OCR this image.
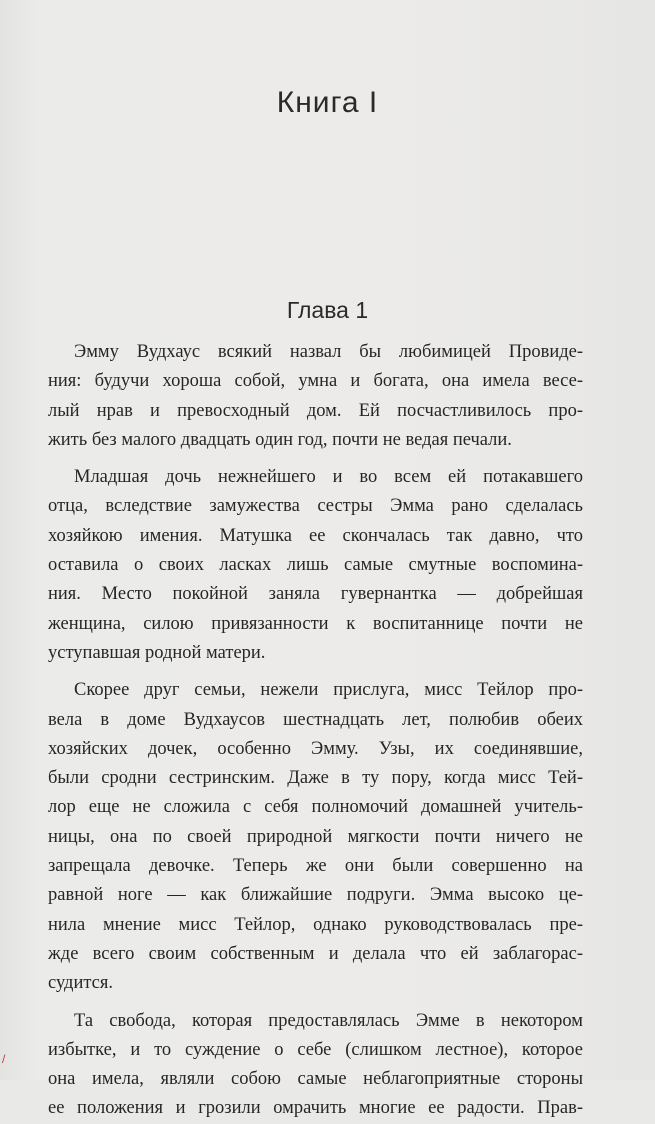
Книга I
Глава 1
Эмму Вудхаус всякий назвал бы любимицей Провиде-
ния: будучи хороша собой, умна и богата, она имела весе-
лый нрав и превосходный дом. Ей посчастливилось про-
жить без малого двадцать один год, почти не ведая печали.
Младшая дочь нежнейшего и во всем ей потакавшего
отца, вследствие замужества сестры Эмма рано сделалась
хозяйкою имения. Матушка ее скончалась так давно, что
оставила о своих ласках лишь самые смутные воспомина-
ния. Место покойной заняла гувернантка — добрейшая
женщина, силою привязанности к воспитаннице почти не
уступавшая родной матери.
Скорее друг семьи, нежели прислуга, мисс Тейлор про-
вела в доме Вудхаусов шестнадцать лет, полюбив обеих
хозяйских дочек, особенно Эмму. Узы, их соединявшие,
были сродни сестринским. Даже в ту пору, когда мисс Тей-
лор еще не сложила с себя полномочий домашней учитель-
ницы, она по своей природной мягкости почти ничего не
запрещала девочке. Теперь же они были совершенно на
равной ноге — как ближайшие подруги. Эмма высоко це-
нила мнение мисс Тейлор, однако руководствовалась пре-
жде всего своим собственным и делала что ей заблагорас-
судится.
Та свобода, которая предоставлялась Эмме в некотором
избытке, и то суждение о себе (слишком лестное), которое
она имела, являли собою самые неблагоприятные стороны
ее положения и грозили омрачить многие ее радости. Прав-
/
